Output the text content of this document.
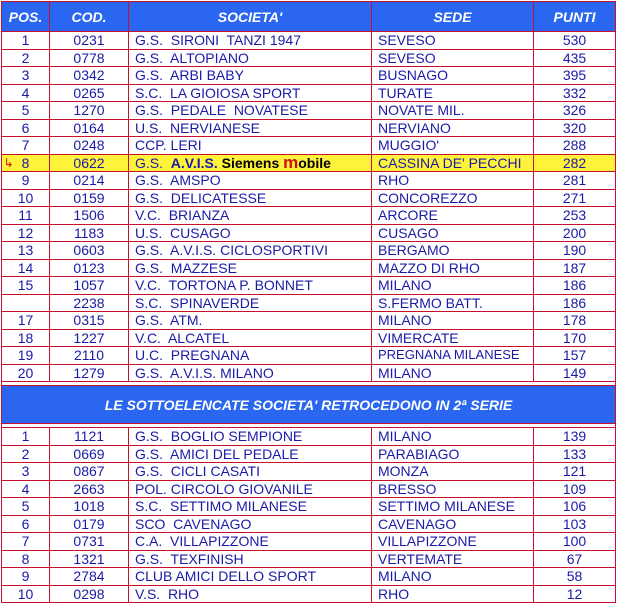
POS.	COD.	SOCIETA'	SEDE	PUNTI
1	0231	G.S.  SIRONI  TANZI 1947	SEVESO	530
2	0778	G.S.  ALTOPIANO	SEVESO	435
3	0342	G.S.  ARBI BABY	BUSNAGO	395
4	0265	S.C.  LA GIOIOSA SPORT	TURATE	332
5	1270	G.S.  PEDALE  NOVATESE	NOVATE MIL.	326
6	0164	U.S.  NERVIANESE	NERVIANO	320
7	0248	CCP. LERI	MUGGIO'	288

↳ 8	0622	G.S.  A.V.I.S. Siemens mobile	CASSINA DE' PECCHI	282
9	0214	G.S.  AMSPO	RHO	281
10	0159	G.S.  DELICATESSE	CONCOREZZO	271
11	1506	V.C.  BRIANZA	ARCORE	253
12	1183	U.S.  CUSAGO	CUSAGO	200
13	0603	G.S.  A.V.I.S. CICLOSPORTIVI	BERGAMO	190
14	0123	G.S.  MAZZESE	MAZZO DI RHO	187
15	1057	V.C.  TORTONA P. BONNET	MILANO	186
	2238	S.C.  SPINAVERDE	S.FERMO BATT.	186
17	0315	G.S.  ATM.	MILANO	178
18	1227	V.C.  ALCATEL	VIMERCATE	170
19	2110	U.C.  PREGNANA	PREGNANA MILANESE	157
20	1279	G.S.  A.V.I.S. MILANO	MILANO	149

LE SOTTOELENCATE SOCIETA' RETROCEDONO IN 2ª SERIE				

1	1121	G.S.  BOGLIO SEMPIONE	MILANO	139
2	0669	G.S.  AMICI DEL PEDALE	PARABIAGO	133
3	0867	G.S.  CICLI CASATI	MONZA	121
4	2663	POL. CIRCOLO GIOVANILE	BRESSO	109
5	1018	S.C.  SETTIMO MILANESE	SETTIMO MILANESE	106
6	0179	SCO  CAVENAGO	CAVENAGO	103
7	0731	C.A.  VILLAPIZZONE	VILLAPIZZONE	100
8	1321	G.S.  TEXFINISH	VERTEMATE	67
9	2784	CLUB AMICI DELLO SPORT	MILANO	58
10	0298	V.S.  RHO	RHO	12
